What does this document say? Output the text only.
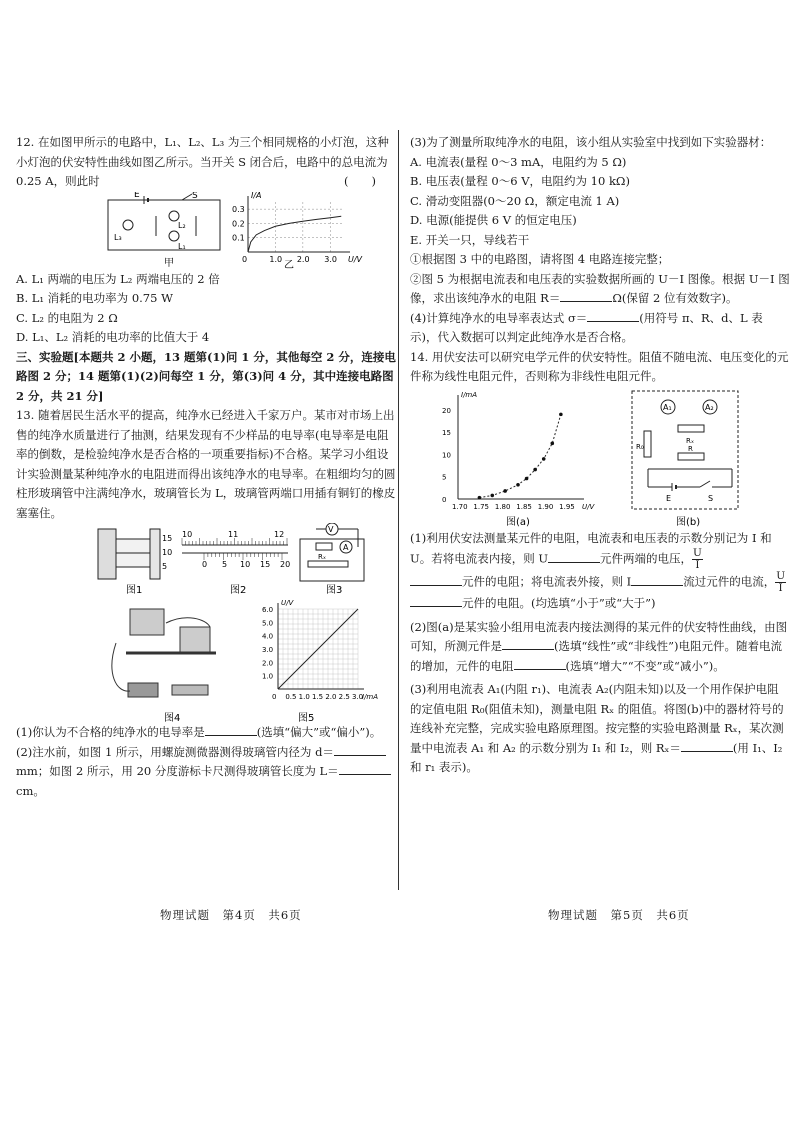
12. 在如图甲所示的电路中，L₁、L₂、L₃ 为三个相同规格的小灯泡，这种小灯泡的伏安特性曲线如图乙所示。当开关 S 闭合后，电路中的总电流为 0.25 A，则此时	(　　)

E	S
L₃
L₂
L₁
甲	0	1.0 2.0 3.0
0.1
0.2
0.3
U/V
I/A
乙

A. L₁ 两端的电压为 L₂ 两端电压的 2 倍

B. L₁ 消耗的电功率为 0.75 W

C. L₂ 的电阻为 2 Ω

D. L₁、L₂ 消耗的电功率的比值大于 4

三、实验题[本题共 2 小题，13 题第(1)问 1 分，其他每空 2 分，连接电路图 2 分；14 题第(1)(2)问每空 1 分，第(3)问 4 分，其中连接电路图 2 分，共 21 分]

13. 随着居民生活水平的提高，纯净水已经进入千家万户。某市对市场上出售的纯净水质量进行了抽测，结果发现有不少样品的电导率(电导率是电阻率的倒数，是检验纯净水是否合格的一项重要指标)不合格。某学习小组设计实验测量某种纯净水的电阻进而得出该纯净水的电导率。在粗细均匀的圆柱形玻璃管中注满纯净水，玻璃管长为 L，玻璃管两端口用插有铜钉的橡皮塞塞住。

15
10
5
图1
10	11	12
0 5 10 15 20
图2
V
A
Rₓ
图3
图4
0 0.5 1.0 1.5 2.0 2.5 3.0
1.0
2.0
3.0
4.0
5.0
6.0
I/mA
U/V
图5

(1)你认为不合格的纯净水的电导率是	(选填“偏大”或“偏小”)。

(2)注水前，如图 1 所示，用螺旋测微器测得玻璃管内径为 d＝mm；如图 2 所示，用 20 分度游标卡尺测得玻璃管长度为 L＝cm。

物理试题　第4页　共6页

(3)为了测量所取纯净水的电阻，该小组从实验室中找到如下实验器材：

A. 电流表(量程 0～3 mA，电阻约为 5 Ω)

B. 电压表(量程 0～6 V，电阻约为 10 kΩ)

C. 滑动变阻器(0～20 Ω，额定电流 1 A)

D. 电源(能提供 6 V 的恒定电压)

E. 开关一只，导线若干

①根据图 3 中的电路图，请将图 4 电路连接完整；

②图 5 为根据电流表和电压表的实验数据所画的 U－I 图像。根据 U－I 图像，求出该纯净水的电阻 R＝	Ω(保留 2 位有效数字)。

(4)计算纯净水的电导率表达式 σ＝	(用符号 π、R、d、L 表示)，代入数据可以判定此纯净水是否合格。

14. 用伏安法可以研究电学元件的伏安特性。阻值不随电流、电压变化的元件称为线性电阻元件，否则称为非线性电阻元件。

1.70 1.75 1.80 1.85 1.90 1.95
0
5
10
15
20
U/V
I/mA
图(a)
A₁	A₂
R₀
Rₓ
R
E	S
图(b)

(1)利用伏安法测量某元件的电阻，电流表和电压表的示数分别记为 I 和 U。若将电流表内接，则 U	元件两端的电压， $\frac{U}{I}$

元件的电阻；将电流表外接，则 I	流过元件的电流， $\frac{U}{I}$
元件的电阻。(均选填“小于”或“大于”)

(2)图(a)是某实验小组用电流表内接法测得的某元件的伏安特性曲线，由图可知，所测元件是	(选填“线性”或“非线性”)电阻元件。随着电流的增加，元件的电阻	(选填“增大”“不变”或“减小”)。

(3)利用电流表 A₁(内阻 r₁)、电流表 A₂(内阻未知)以及一个用作保护电阻的定值电阻 R₀(阻值未知)，测量电阻 Rₓ 的阻值。将图(b)中的器材符号的连线补充完整，完成实验电路原理图。按完整的实验电路测量 Rₓ，某次测量中电流表 A₁ 和 A₂ 的示数分别为 I₁ 和 I₂，则 Rₓ＝	(用 I₁、I₂ 和 r₁ 表示)。

物理试题　第5页　共6页
